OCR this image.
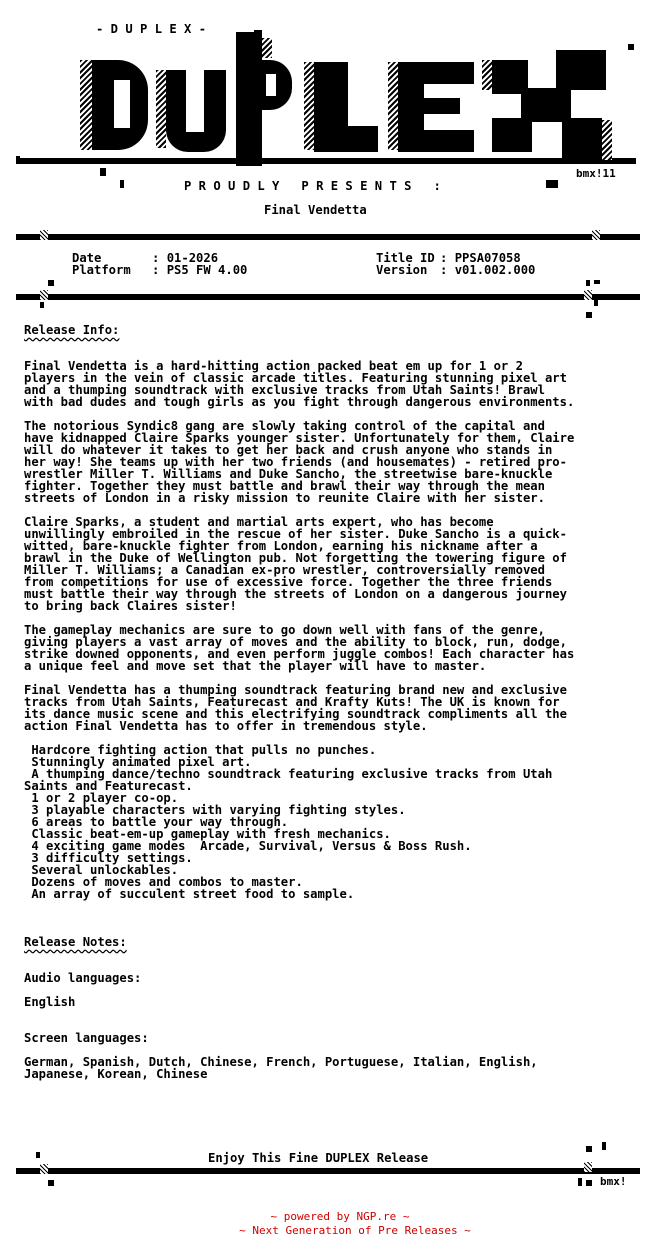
- D U P L E X -
bmx!11
P R O U D L Y   P R E S E N T S   :
Final Vendetta
Date	: 01-2026
Platform : PS5 FW 4.00
Title ID : PPSA07058
Version : v01.002.000
Release Info:
Final Vendetta is a hard-hitting action packed beat em up for 1 or 2
players in the vein of classic arcade titles. Featuring stunning pixel art
and a thumping soundtrack with exclusive tracks from Utah Saints! Brawl
with bad dudes and tough girls as you fight through dangerous environments.
The notorious Syndic8 gang are slowly taking control of the capital and
have kidnapped Claire Sparks younger sister. Unfortunately for them, Claire
will do whatever it takes to get her back and crush anyone who stands in
her way! She teams up with her two friends (and housemates) - retired pro-
wrestler Miller T. Williams and Duke Sancho, the streetwise bare-knuckle
fighter. Together they must battle and brawl their way through the mean
streets of London in a risky mission to reunite Claire with her sister.
Claire Sparks, a student and martial arts expert, who has become
unwillingly embroiled in the rescue of her sister. Duke Sancho is a quick-
witted, bare-knuckle fighter from London, earning his nickname after a
brawl in the Duke of Wellington pub. Not forgetting the towering figure of
Miller T. Williams; a Canadian ex-pro wrestler, controversially removed
from competitions for use of excessive force. Together the three friends
must battle their way through the streets of London on a dangerous journey
to bring back Claires sister!
The gameplay mechanics are sure to go down well with fans of the genre,
giving players a vast array of moves and the ability to block, run, dodge,
strike downed opponents, and even perform juggle combos! Each character has
a unique feel and move set that the player will have to master.
Final Vendetta has a thumping soundtrack featuring brand new and exclusive
tracks from Utah Saints, Featurecast and Krafty Kuts! The UK is known for
its dance music scene and this electrifying soundtrack compliments all the
action Final Vendetta has to offer in tremendous style.
Hardcore fighting action that pulls no punches.
Stunningly animated pixel art.
A thumping dance/techno soundtrack featuring exclusive tracks from Utah
Saints and Featurecast.
1 or 2 player co-op.
3 playable characters with varying fighting styles.
6 areas to battle your way through.
Classic beat-em-up gameplay with fresh mechanics.
4 exciting game modes  Arcade, Survival, Versus & Boss Rush.
3 difficulty settings.
Several unlockables.
Dozens of moves and combos to master.
An array of succulent street food to sample.
Release Notes:
Audio languages:
English
Screen languages:
German, Spanish, Dutch, Chinese, French, Portuguese, Italian, English,
Japanese, Korean, Chinese
Enjoy This Fine DUPLEX Release
bmx!
~ powered by NGP.re ~
~ Next Generation of Pre Releases ~
